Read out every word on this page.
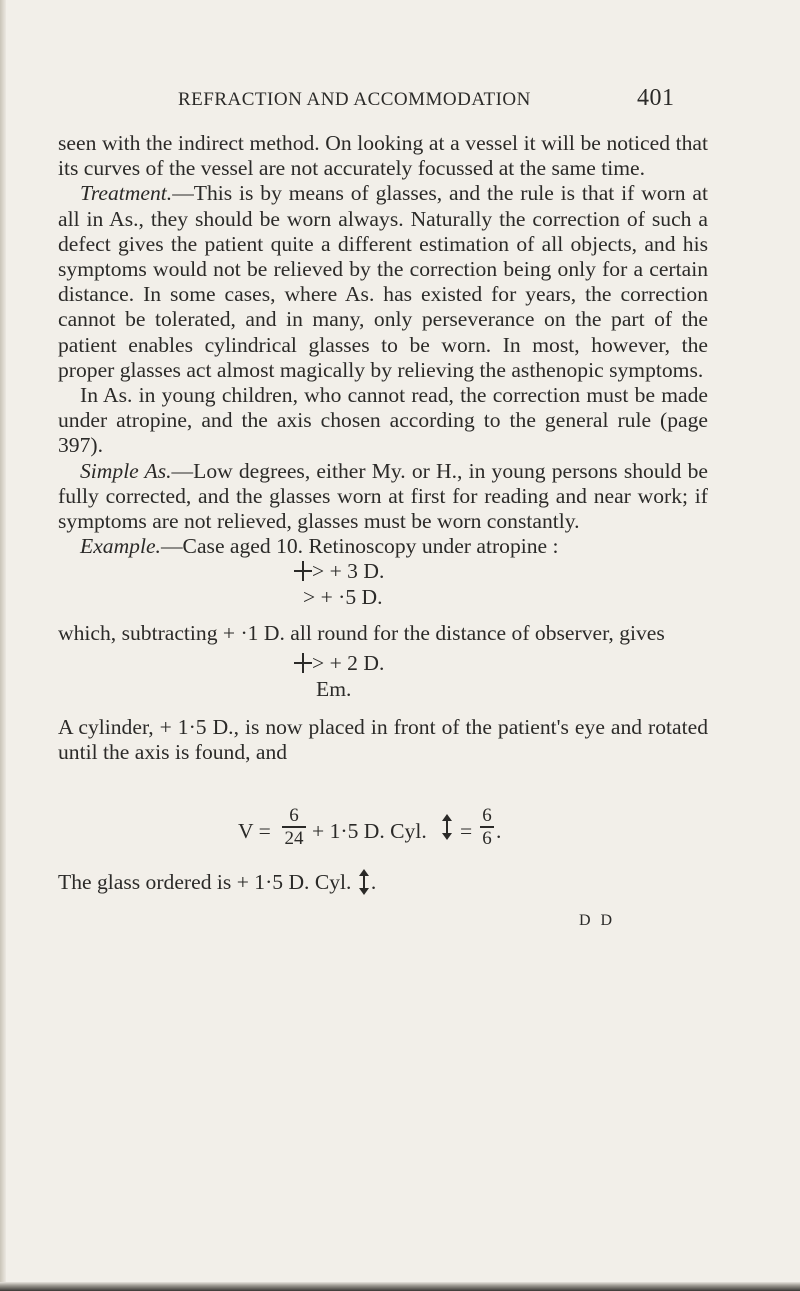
REFRACTION AND ACCOMMODATION	401

seen with the indirect method. On looking at a vessel it will be noticed that its curves of the vessel are not accurately focussed at the same time.

Treatment.—This is by means of glasses, and the rule is that if worn at all in As., they should be worn always. Naturally the correction of such a defect gives the patient quite a different estimation of all objects, and his symptoms would not be relieved by the correction being only for a certain distance. In some cases, where As. has existed for years, the correction cannot be tolerated, and in many, only perseverance on the part of the patient enables cylindrical glasses to be worn. In most, however, the proper glasses act almost magically by relieving the asthenopic symptoms.

In As. in young children, who cannot read, the correction must be made under atropine, and the axis chosen according to the general rule (page 397).

Simple As.—Low degrees, either My. or H., in young persons should be fully corrected, and the glasses worn at first for reading and near work; if symptoms are not relieved, glasses must be worn constantly.

Example.—Case aged 10. Retinoscopy under atropine :

> + 3 D.
> + ·5 D.

which, subtracting + ·1 D. all round for the distance of observer, gives

> + 2 D.
Em.

A cylinder, + 1·5 D., is now placed in front of the patient's eye and rotated until the axis is found, and

V =
6
24 + 1·5 D. Cyl. =
6
6 .
The glass ordered is + 1·5 D. Cyl. .
D D
